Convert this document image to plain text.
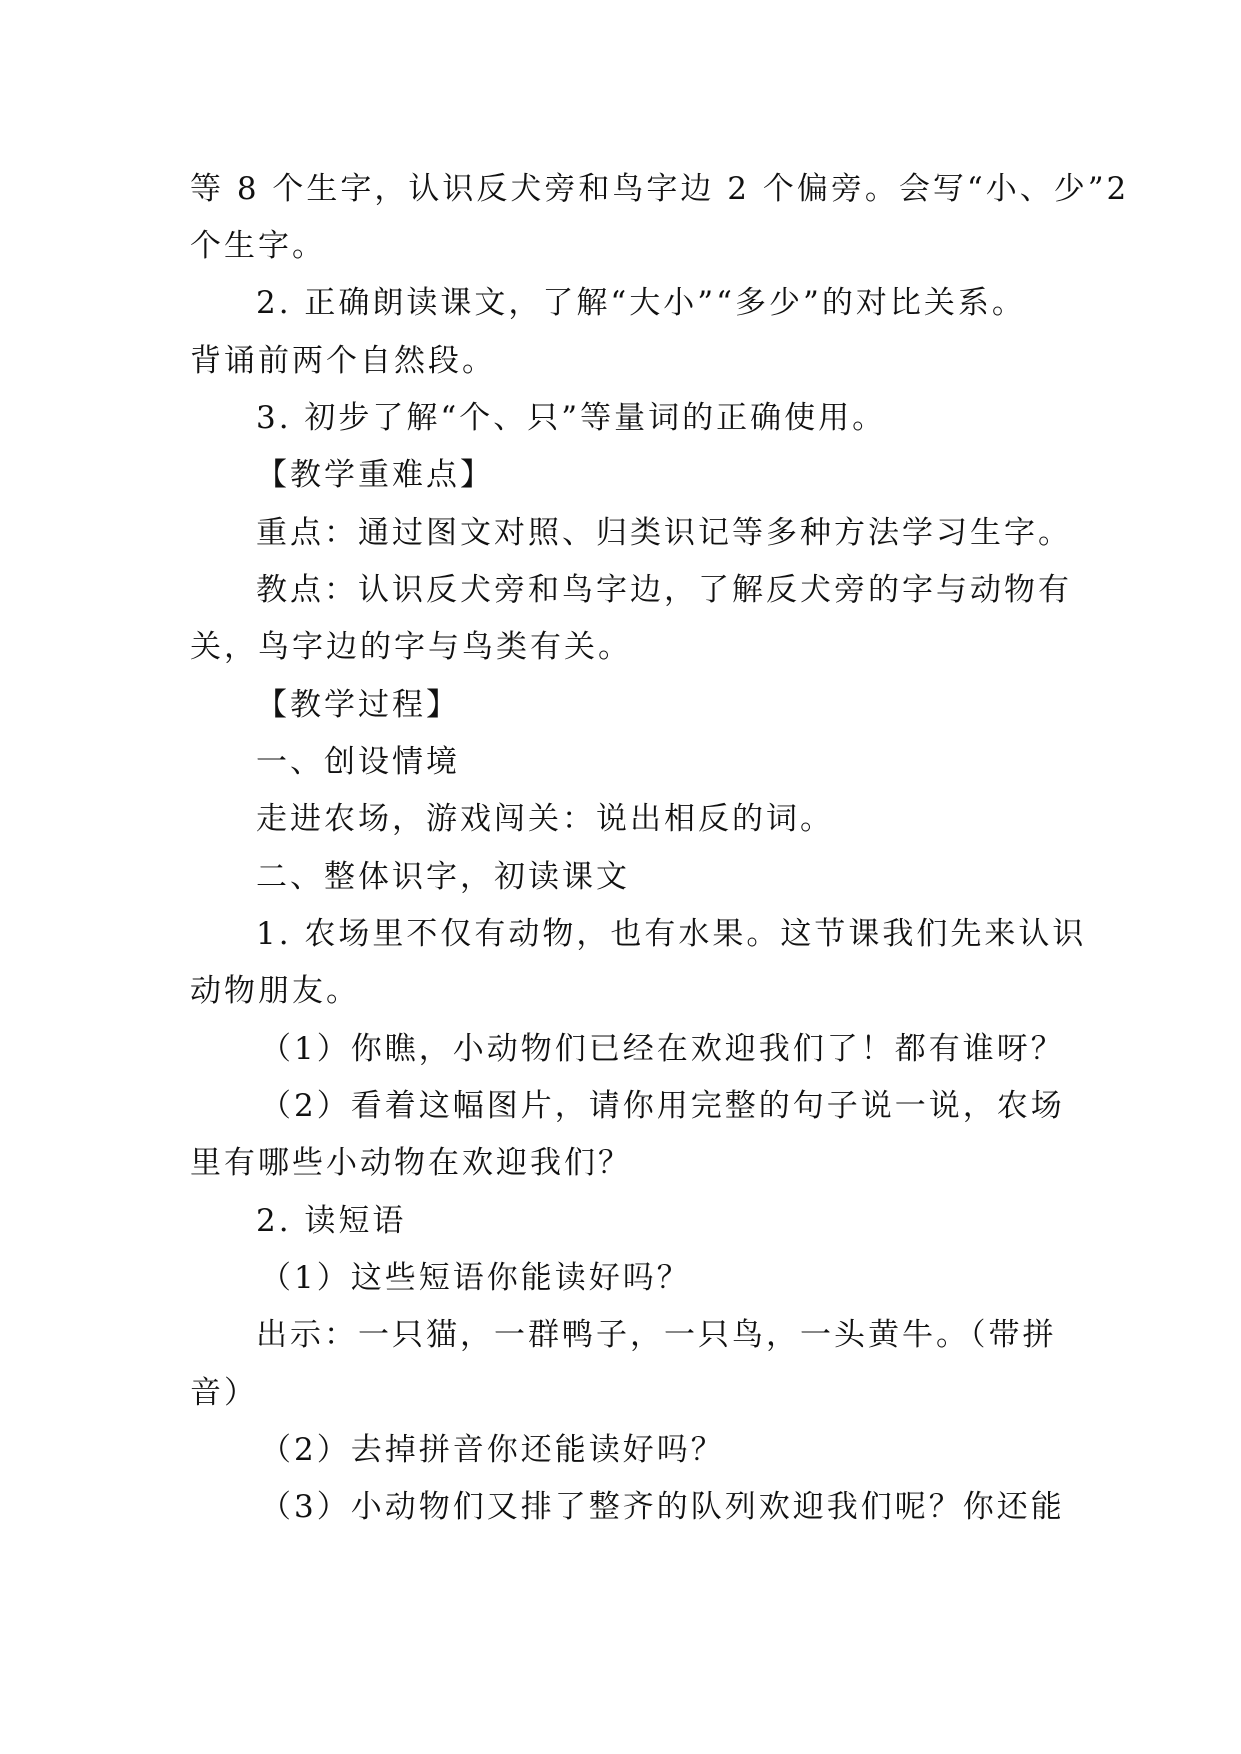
等 8 个生字，认识反犬旁和鸟字边 2 个偏旁。会写“小、少”2
个生字。
2. 正确朗读课文，了解“大小”“多少”的对比关系。
背诵前两个自然段。
3. 初步了解“个、只”等量词的正确使用。
【教学重难点】
重点：通过图文对照、归类识记等多种方法学习生字。
教点：认识反犬旁和鸟字边，了解反犬旁的字与动物有
关，鸟字边的字与鸟类有关。
【教学过程】
一、创设情境
走进农场，游戏闯关：说出相反的词。
二、整体识字，初读课文
1. 农场里不仅有动物，也有水果。这节课我们先来认识
动物朋友。
（1）你瞧，小动物们已经在欢迎我们了！都有谁呀？
（2）看着这幅图片，请你用完整的句子说一说，农场
里有哪些小动物在欢迎我们？
2. 读短语
（1）这些短语你能读好吗？
出示：一只猫，一群鸭子，一只鸟，一头黄牛。（带拼
音）
（2）去掉拼音你还能读好吗？
（3）小动物们又排了整齐的队列欢迎我们呢？你还能
